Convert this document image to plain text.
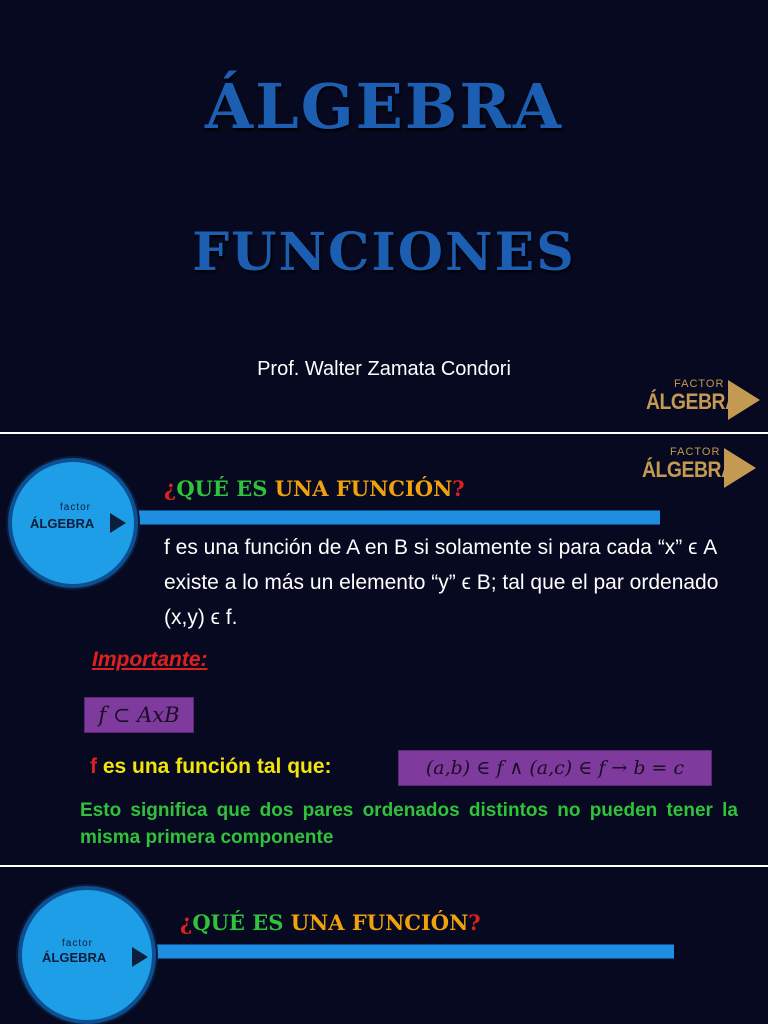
ÁLGEBRA
FUNCIONES
Prof. Walter Zamata Condori
FACTOR
ÁLGEBRA
FACTOR
ÁLGEBRA
factor
ÁLGEBRA
¿QUÉ ES UNA FUNCIÓN?
f es una función de A en B si solamente si para cada “x” ϵ A existe a lo más un elemento “y” ϵ B; tal que el par ordenado (x,y) ϵ f.
Importante:
f ⊂ AxB
f es una función tal que:	(a,b) ∈ f ∧ (a,c) ∈ f → b = c
Esto significa que dos pares ordenados distintos no pueden tener la misma primera componente
factor
ÁLGEBRA
¿QUÉ ES UNA FUNCIÓN?
